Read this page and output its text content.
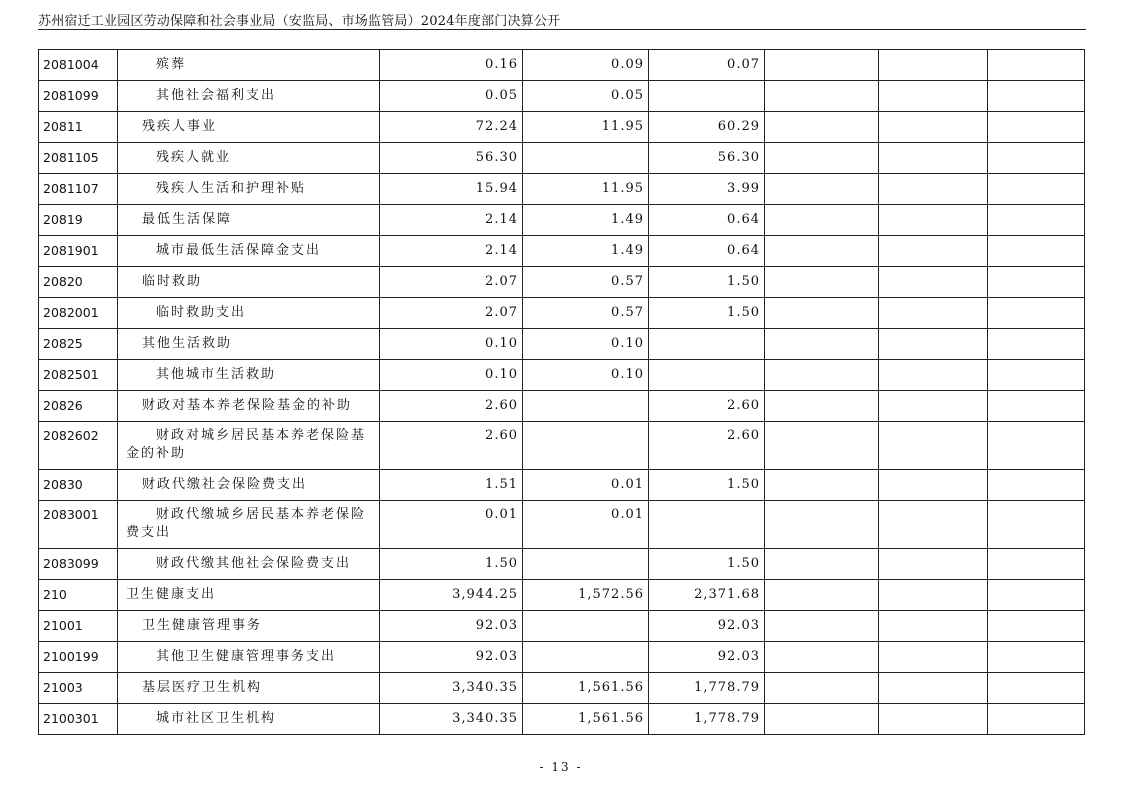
苏州宿迁工业园区劳动保障和社会事业局（安监局、市场监管局）2024年度部门决算公开
2081004	殡葬	0.16	0.09	0.07			
2081099	其他社会福利支出	0.05	0.05				
20811	残疾人事业	72.24	11.95	60.29			
2081105	残疾人就业	56.30		56.30			
2081107	残疾人生活和护理补贴	15.94	11.95	3.99			
20819	最低生活保障	2.14	1.49	0.64			
2081901	城市最低生活保障金支出	2.14	1.49	0.64			
20820	临时救助	2.07	0.57	1.50			
2082001	临时救助支出	2.07	0.57	1.50			
20825	其他生活救助	0.10	0.10				
2082501	其他城市生活救助	0.10	0.10				
20826	财政对基本养老保险基金的补助	2.60		2.60			
2082602	财政对城乡居民基本养老保险基金的补助	2.60		2.60			
20830	财政代缴社会保险费支出	1.51	0.01	1.50			
2083001	财政代缴城乡居民基本养老保险费支出	0.01	0.01				
2083099	财政代缴其他社会保险费支出	1.50		1.50			
210	卫生健康支出	3,944.25	1,572.56	2,371.68			
21001	卫生健康管理事务	92.03		92.03			
2100199	其他卫生健康管理事务支出	92.03		92.03			
21003	基层医疗卫生机构	3,340.35	1,561.56	1,778.79			
2100301	城市社区卫生机构	3,340.35	1,561.56	1,778.79			
- 13 -
